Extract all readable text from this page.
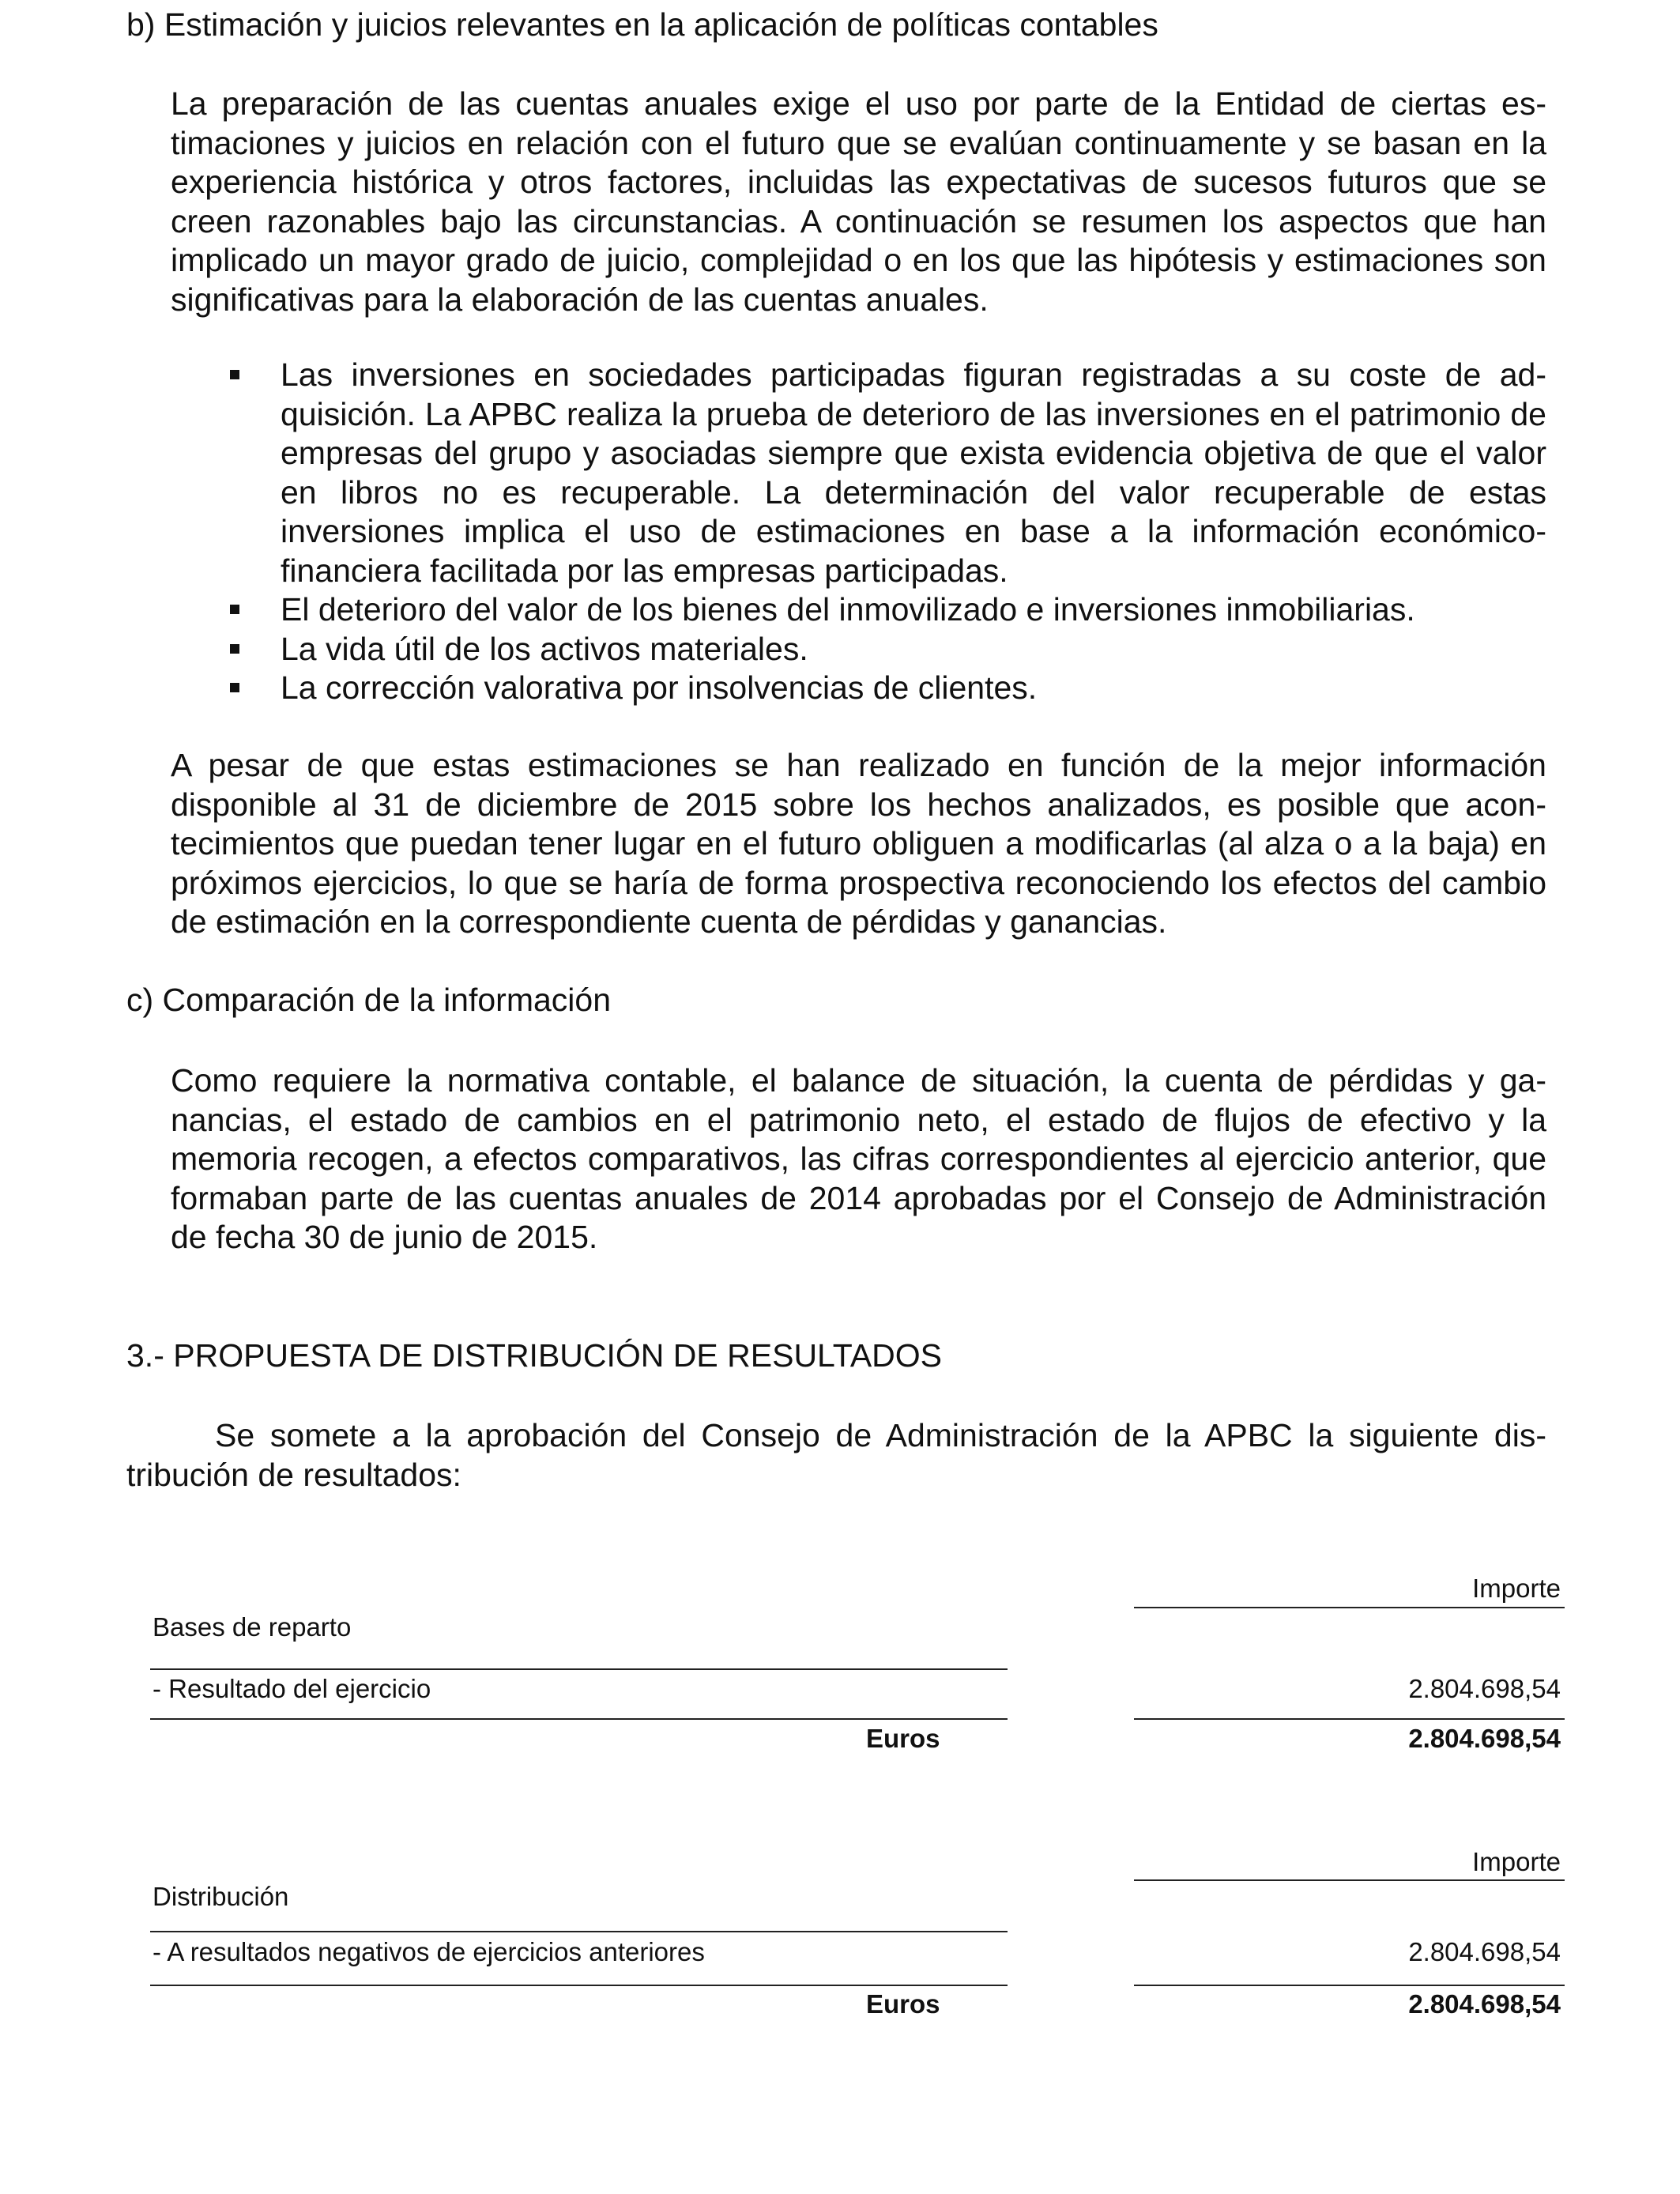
b) Estimación y juicios relevantes en la aplicación de políticas contables

La preparación de las cuentas anuales exige el uso por parte de la Entidad de ciertas estimaciones y juicios en relación con el futuro que se evalúan continuamente y se basan en la experiencia histórica y otros factores, incluidas las expectativas de sucesos futuros que se creen razonables bajo las circunstancias. A continuación se resumen los aspectos que han implicado un mayor grado de juicio, complejidad o en los que las hipótesis y estimaciones son significativas para la elaboración de las cuentas anuales.

Las inversiones en sociedades participadas figuran registradas a su coste de adquisición. La APBC realiza la prueba de deterioro de las inversiones en el patrimonio de empresas del grupo y asociadas siempre que exista evidencia objetiva de que el valor en libros no es recuperable. La determinación del valor recuperable de estas inversiones implica el uso de estimaciones en base a la información económico-financiera facilitada por las empresas participadas.
El deterioro del valor de los bienes del inmovilizado e inversiones inmobiliarias.
La vida útil de los activos materiales.
La corrección valorativa por insolvencias de clientes.

A pesar de que estas estimaciones se han realizado en función de la mejor información disponible al 31 de diciembre de 2015 sobre los hechos analizados, es posible que acontecimientos que puedan tener lugar en el futuro obliguen a modificarlas (al alza o a la baja) en próximos ejercicios, lo que se haría de forma prospectiva reconociendo los efectos del cambio de estimación en la correspondiente cuenta de pérdidas y ganancias.

c) Comparación de la información

Como requiere la normativa contable, el balance de situación, la cuenta de pérdidas y ganancias, el estado de cambios en el patrimonio neto, el estado de flujos de efectivo y la memoria recogen, a efectos comparativos, las cifras correspondientes al ejercicio anterior, que formaban parte de las cuentas anuales de 2014 aprobadas por el Consejo de Administración de fecha 30 de junio de 2015.

3.- PROPUESTA DE DISTRIBUCIÓN DE RESULTADOS

Se somete a la aprobación del Consejo de Administración de la APBC la siguiente distribución de resultados:

Importe
Bases de reparto
- Resultado del ejercicio	2.804.698,54
Euros	2.804.698,54
Importe
Distribución
- A resultados negativos de ejercicios anteriores	2.804.698,54
Euros	2.804.698,54
